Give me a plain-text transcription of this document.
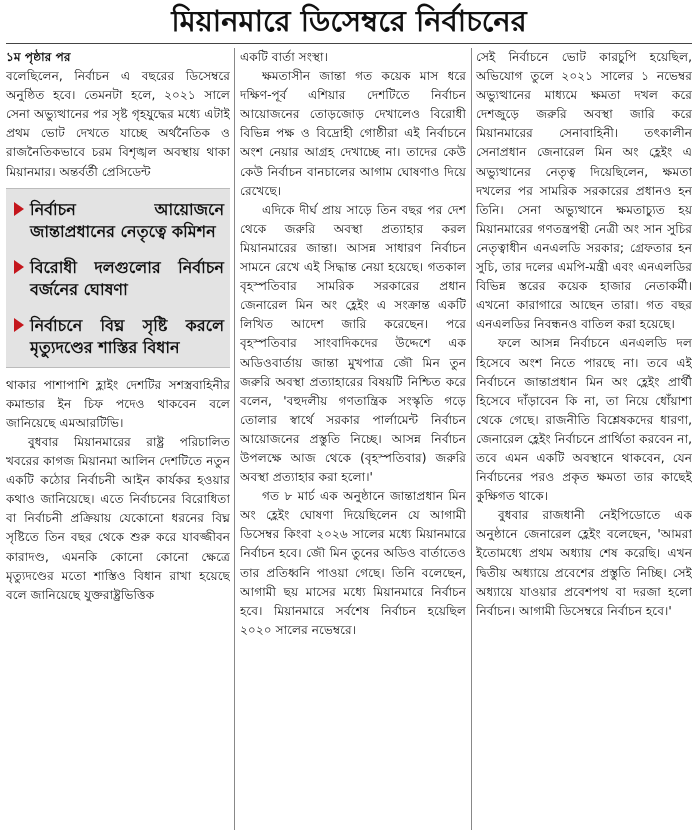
মিয়ানমারে ডিসেম্বরে নির্বাচনের
১ম পৃষ্ঠার পর

বলেছিলেন, নির্বাচন এ বছরের ডিসেম্বরে অনুষ্ঠিত হবে। তেমনটা হলে, ২০২১ সালে সেনা অভ্যুত্থানের পর সৃষ্ট গৃহযুদ্ধের মধ্যে এটাই প্রথম ভোট দেখতে যাচ্ছে অর্থনৈতিক ও রাজনৈতিকভাবে চরম বিশৃঙ্খল অবস্থায় থাকা মিয়ানমার। অন্তর্বর্তী প্রেসিডেন্ট

নির্বাচন আয়োজনে জান্তাপ্রধানের নেতৃত্বে কমিশন
বিরোধী দলগুলোর নির্বাচন বর্জনের ঘোষণা
নির্বাচনে বিঘ্ন সৃষ্টি করলে মৃত্যুদণ্ডের শাস্তির বিধান

থাকার পাশাপাশি হ্লাইং দেশটির সশস্ত্রবাহিনীর কমান্ডার ইন চিফ পদেও থাকবেন বলে জানিয়েছে এমআরটিভি।

বুধবার মিয়ানমারের রাষ্ট্র পরিচালিত খবরের কাগজ মিয়ানমা আলিন দেশটিতে নতুন একটি কঠোর নির্বাচনী আইন কার্যকর হওয়ার কথাও জানিয়েছে। এতে নির্বাচনের বিরোধিতা বা নির্বাচনী প্রক্রিয়ায় যেকোনো ধরনের বিঘ্ন সৃষ্টিতে তিন বছর থেকে শুরু করে যাবজ্জীবন কারাদণ্ড, এমনকি কোনো কোনো ক্ষেত্রে মৃত্যুদণ্ডের মতো শাস্তিও বিধান রাখা হয়েছে বলে জানিয়েছে যুক্তরাষ্ট্রভিত্তিক

একটি বার্তা সংস্থা।

ক্ষমতাসীন জান্তা গত কয়েক মাস ধরে দক্ষিণ-পূর্ব এশিয়ার দেশটিতে নির্বাচন আয়োজনের তোড়জোড় দেখালেও বিরোধী বিভিন্ন পক্ষ ও বিদ্রোহী গোষ্ঠীরা এই নির্বাচনে অংশ নেয়ার আগ্রহ দেখাচ্ছে না। তাদের কেউ কেউ নির্বাচন বানচালের আগাম ঘোষণাও দিয়ে রেখেছে।

এদিকে দীর্ঘ প্রায় সাড়ে তিন বছর পর দেশ থেকে জরুরি অবস্থা প্রত্যাহার করল মিয়ানমারের জান্তা। আসন্ন সাধারণ নির্বাচন সামনে রেখে এই সিদ্ধান্ত নেয়া হয়েছে। গতকাল বৃহস্পতিবার সামরিক সরকারের প্রধান জেনারেল মিন অং হ্লেইং এ সংক্রান্ত একটি লিখিত আদেশ জারি করেছেন। পরে বৃহস্পতিবার সাংবাদিকদের উদ্দেশে এক অডিওবার্তায় জান্তা মুখপাত্র জৌ মিন তুন জরুরি অবস্থা প্রত্যাহারের বিষয়টি নিশ্চিত করে বলেন, 'বহুদলীয় গণতান্ত্রিক সংস্কৃতি গড়ে তোলার স্বার্থে সরকার পার্লামেন্ট নির্বাচন আয়োজনের প্রস্তুতি নিচ্ছে। আসন্ন নির্বাচন উপলক্ষে আজ থেকে (বৃহস্পতিবার) জরুরি অবস্থা প্রত্যাহার করা হলো।'

গত ৮ মার্চ এক অনুষ্ঠানে জান্তাপ্রধান মিন অং হ্লেইং ঘোষণা দিয়েছিলেন যে আগামী ডিসেম্বর কিংবা ২০২৬ সালের মধ্যে মিয়ানমারে নির্বাচন হবে। জৌ মিন তুনের অডিও বার্তাতেও তার প্রতিধ্বনি পাওয়া গেছে। তিনি বলেছেন, আগামী ছয় মাসের মধ্যে মিয়ানমারে নির্বাচন হবে। মিয়ানমারে সর্বশেষ নির্বাচন হয়েছিল ২০২০ সালের নভেম্বরে।

সেই নির্বাচনে ভোট কারচুপি হয়েছিল, অভিযোগ তুলে ২০২১ সালের ১ নভেম্বর অভ্যুত্থানের মাধ্যমে ক্ষমতা দখল করে দেশজুড়ে জরুরি অবস্থা জারি করে মিয়ানমারের সেনাবাহিনী। তৎকালীন সেনাপ্রধান জেনারেল মিন অং হ্লেইং এ অভ্যুত্থানের নেতৃত্ব দিয়েছিলেন, ক্ষমতা দখলের পর সামরিক সরকারের প্রধানও হন তিনি। সেনা অভ্যুত্থানে ক্ষমতাচ্যুত হয় মিয়ানমারের গণতন্ত্রপন্থী নেত্রী অং সান সুচির নেতৃত্বাধীন এনএলডি সরকার; গ্রেফতার হন সুচি, তার দলের এমপি-মন্ত্রী এবং এনএলডির বিভিন্ন স্তরের কয়েক হাজার নেতাকর্মী। এখনো কারাগারে আছেন তারা। গত বছর এনএলডির নিবন্ধনও বাতিল করা হয়েছে।

ফলে আসন্ন নির্বাচনে এনএলডি দল হিসেবে অংশ নিতে পারছে না। তবে এই নির্বাচনে জান্তাপ্রধান মিন অং হ্লেইং প্রার্থী হিসেবে দাঁড়াবেন কি না, তা নিয়ে ধোঁয়াশা থেকে গেছে। রাজনীতি বিশ্লেষকদের ধারণা, জেনারেল হ্লেইং নির্বাচনে প্রার্থিতা করবেন না, তবে এমন একটি অবস্থানে থাকবেন, যেন নির্বাচনের পরও প্রকৃত ক্ষমতা তার কাছেই কুক্ষিগত থাকে।

বুধবার রাজধানী নেইপিডোতে এক অনুষ্ঠানে জেনারেল হ্লেইং বলেছেন, 'আমরা ইতোমধ্যে প্রথম অধ্যায় শেষ করেছি। এখন দ্বিতীয় অধ্যায়ে প্রবেশের প্রস্তুতি নিচ্ছি। সেই অধ্যায়ে যাওয়ার প্রবেশপথ বা দরজা হলো নির্বাচন। আগামী ডিসেম্বরে নির্বাচন হবে।'
